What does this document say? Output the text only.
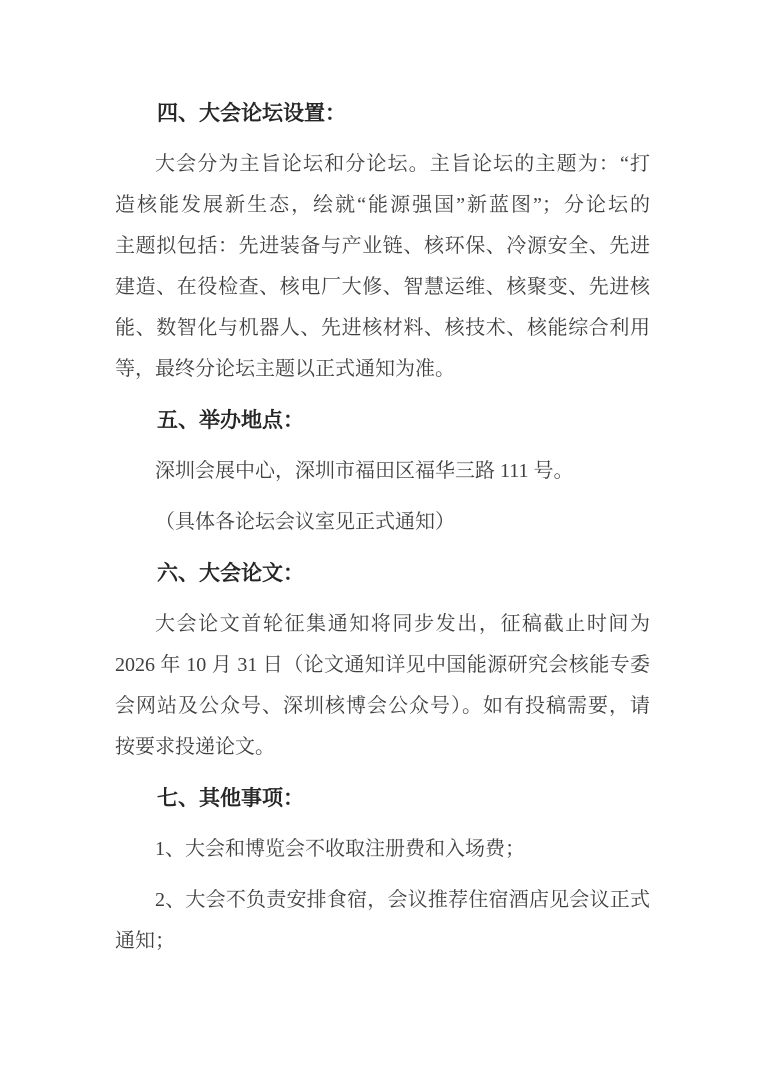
四、大会论坛设置：
大会分为主旨论坛和分论坛。主旨论坛的主题为：“打
造核能发展新生态，绘就“能源强国”新蓝图”；分论坛的
主题拟包括：先进装备与产业链、核环保、冷源安全、先进
建造、在役检查、核电厂大修、智慧运维、核聚变、先进核
能、数智化与机器人、先进核材料、核技术、核能综合利用
等，最终分论坛主题以正式通知为准。
五、举办地点：
深圳会展中心，深圳市福田区福华三路 111 号。
（具体各论坛会议室见正式通知）
六、大会论文：
大会论文首轮征集通知将同步发出，征稿截止时间为
2026 年 10 月 31 日（论文通知详见中国能源研究会核能专委
会网站及公众号、深圳核博会公众号）。如有投稿需要，请
按要求投递论文。
七、其他事项：
1、大会和博览会不收取注册费和入场费；
2、大会不负责安排食宿，会议推荐住宿酒店见会议正式
通知；
